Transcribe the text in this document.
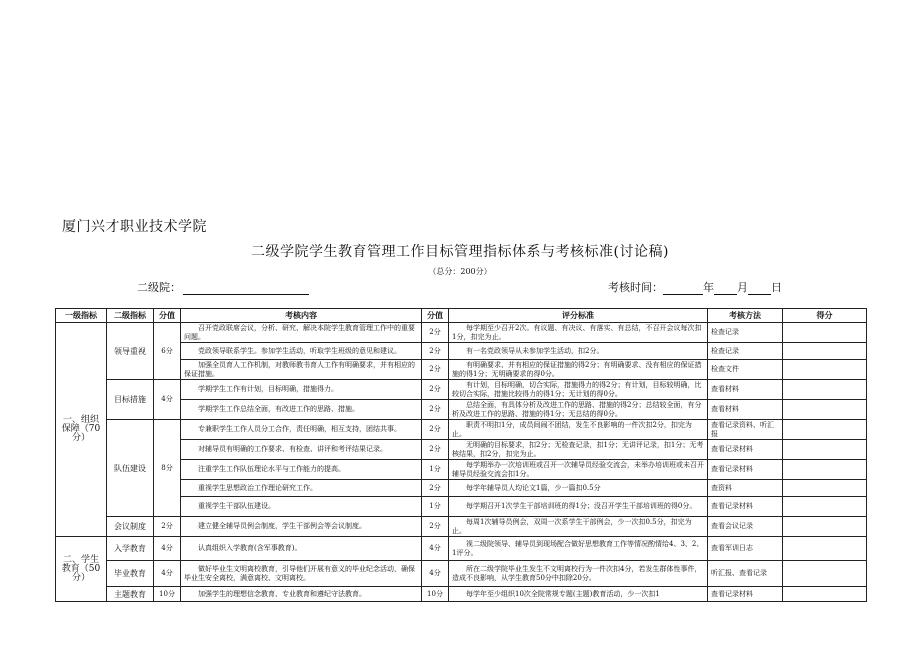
厦门兴才职业技术学院
二级学院学生教育管理工作目标管理指标体系与考核标准(讨论稿)
（总分：200分）
二级院：	考核时间：	年 月 日
一级指标	二级指标	分值	考核内容	分值	评分标准	考核方法	得分
一、组织保障（70分）	领导重视	6分	召开党政联席会议，分析、研究、解决本院学生教育管理工作中的重要问题。	2分	每学期至少召开2次。有议题、有决议、有落实、有总结，不召开会议每次扣1分，扣完为止。	检查记录	
			党政领导联系学生。参加学生活动，听取学生班级的意见和建议。	2分	有一名党政领导从未参加学生活动，扣2分。	检查记录	
			加强全员育人工作机制，对教师教书育人工作有明确要求，并有相应的保证措施。	2分	有明确要求、并有相应的保证措施的得2分；有明确要求、没有相应的保证措施的得1分；无明确要求的得0分。	检查文件	
	目标措施	4分	学期学生工作有计划，目标明确，措施得力。	2分	有计划，目标明确，切合实际，措施得力的得2分；有计划，目标较明确，比较切合实际，措施比较得力的得1分；无计划的得0分。	查看材料	
			学期学生工作总结全面，有改进工作的思路、措施。	2分	总结全面，有具体分析及改进工作的思路、措施的得2分；总结较全面，有分析及改进工作的思路、措施的得1分；无总结的得0分。	查看材料	
	队伍建设	8分	专兼职学生工作人员分工合作，责任明确，相互支持，团结共事。	2分	职责不明扣1分，成员间闹不团结，发生不良影响的一件次扣2分，扣完为止。	查看记录资料、听汇报	
			对辅导员有明确的工作要求、有检查、讲评和考评结果记录。	2分	无明确的目标要求，扣2分；无检查记录，扣1分；无讲评记录，扣1分；无考核结果，扣2分，扣完为止。	查看记录材料	
			注重学生工作队伍理论水平与工作能力的提高。	1分	每学期举办一次培训班或召开一次辅导员经验交流会，未举办培训班或未召开辅导员经验交流会扣1分。	查看记录材料	
			重视学生思想政治工作理论研究工作。	2分	每学年辅导员人均论文1篇，少一篇扣0.5分	查资料	
			重视学生干部队伍建设。	1分	每学期召开1次学生干部培训班的得1分；没召开学生干部培训班的得0分。	查看记录材料	
	会议制度	2分	建立健全辅导员例会制度，学生干部例会等会议制度。	2分	每周1次辅导员例会，双周一次系学生干部例会，少一次扣0.5分，扣完为止。	查看会议记录	
二、学生教育（50分）	入学教育	4分	认真组织入学教育(含军事教育)。	4分	视二级院领导、辅导员到现场配合做好思想教育工作等情况酌情给4、3、2、1评分。	查看军训日志	
	毕业教育	4分	做好毕业生文明离校教育，引导他们开展有意义的毕业纪念活动，确保毕业生安全离校，满意离校、文明离校。	4分	所在二级学院毕业生发生不文明离校行为一件次扣4分，若发生群体性事件，造成不良影响，从学生教育50分中扣除20分。	听汇报、查看记录	
	主题教育	10分	加强学生的理想信念教育、专业教育和遵纪守法教育。	10分	每学年至少组织10次全院常规专题(主题)教育活动，少一次扣1	查看记录材料	
